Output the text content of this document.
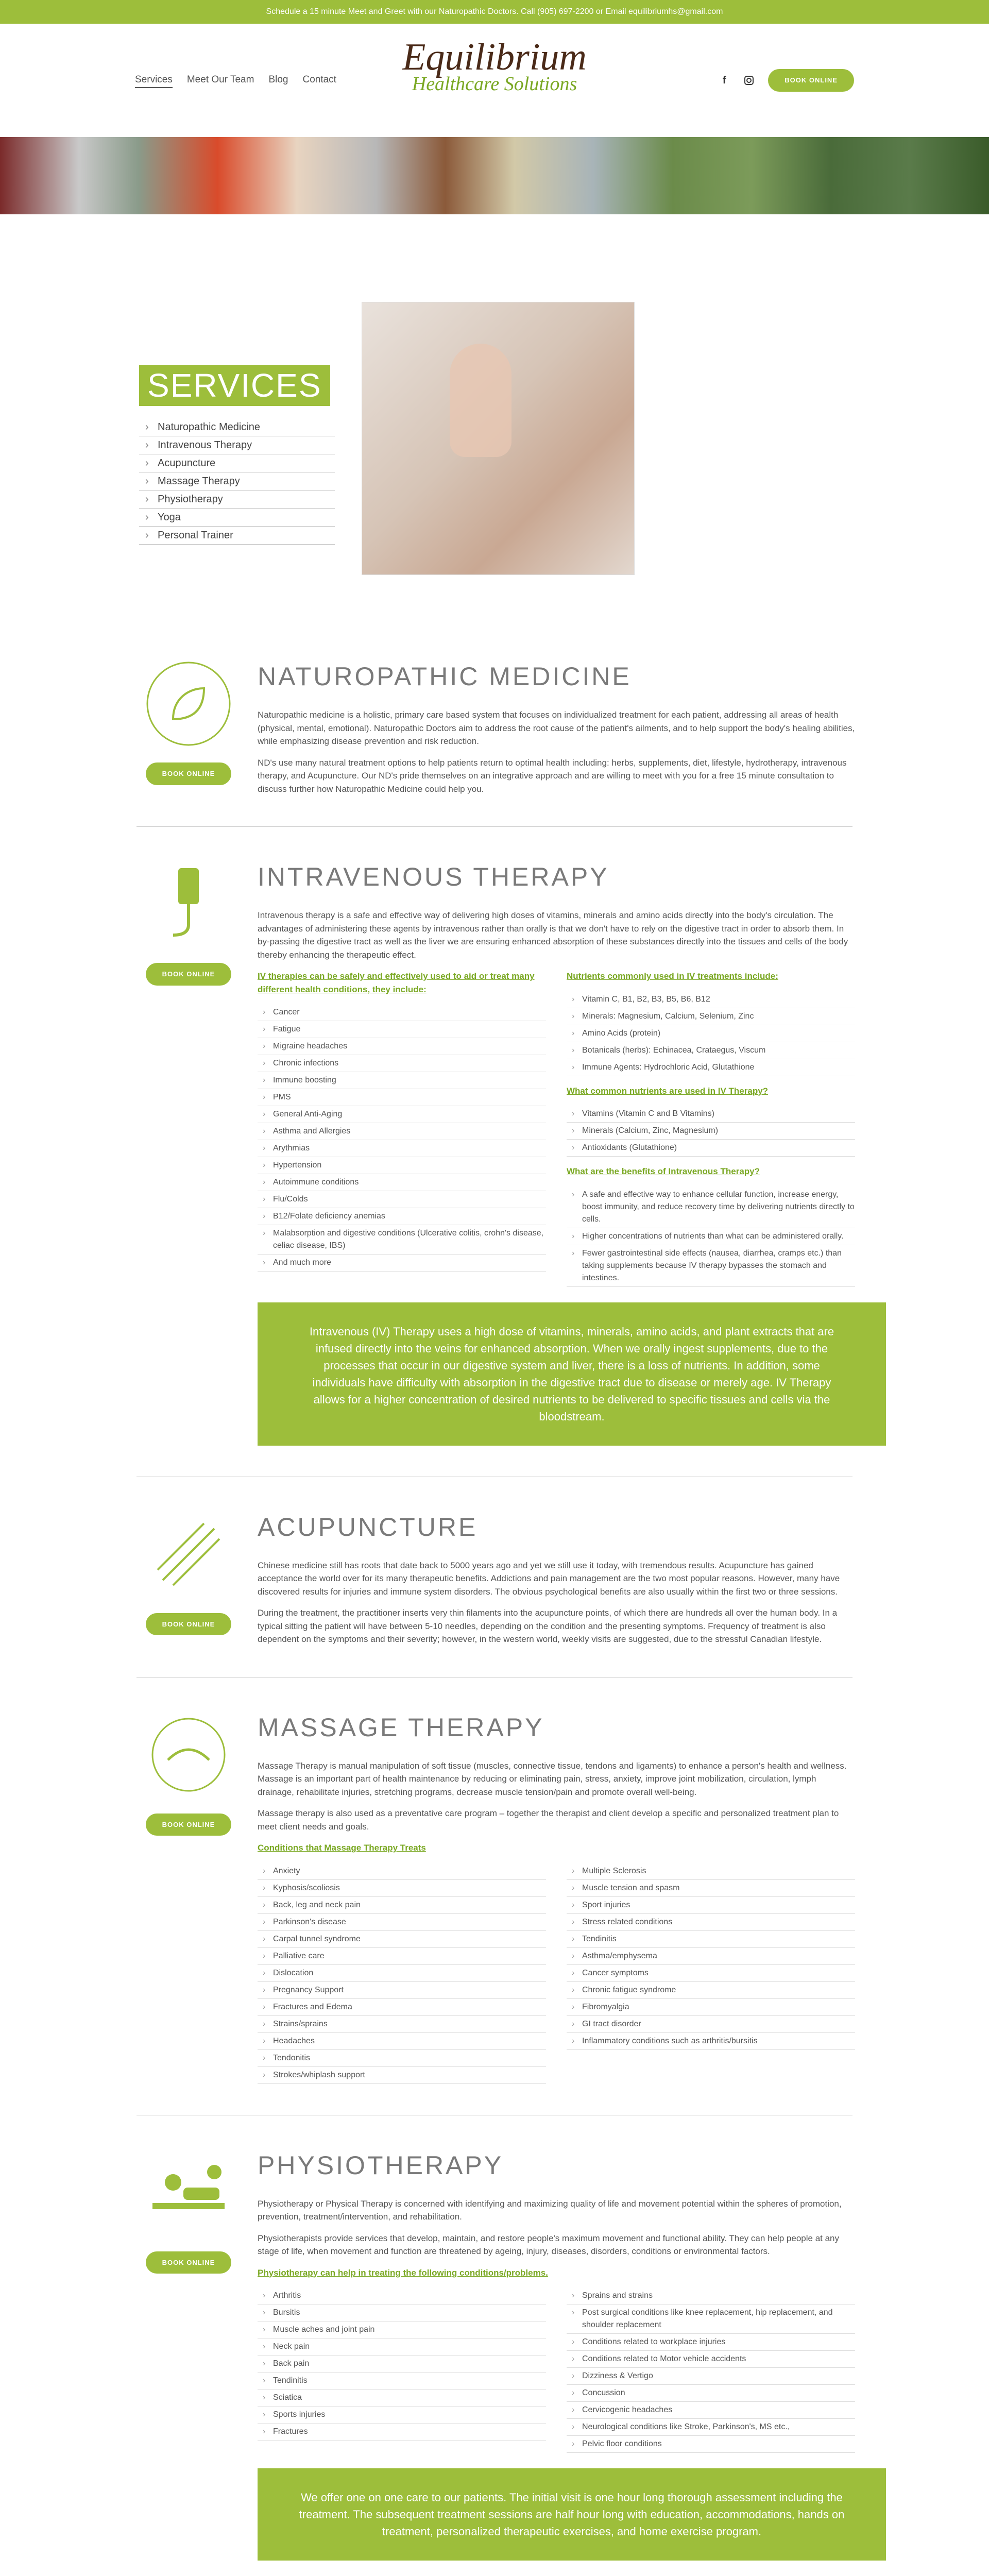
Schedule a 15 minute Meet and Greet with our Naturopathic Doctors. Call (905) 697-2200 or Email equilibriumhs@gmail.com
Services Meet Our Team Blog Contact
Equilibrium
Healthcare Solutions	f	BOOK ONLINE
SERVICES
› Naturopathic Medicine
› Intravenous Therapy
› Acupuncture
› Massage Therapy
› Physiotherapy
› Yoga
› Personal Trainer
BOOK ONLINE
NATUROPATHIC MEDICINE

Naturopathic medicine is a holistic, primary care based system that focuses on individualized treatment for each patient, addressing all areas of health (physical, mental, emotional). Naturopathic Doctors aim to address the root cause of the patient's ailments, and to help support the body's healing abilities, while emphasizing disease prevention and risk reduction.

ND's use many natural treatment options to help patients return to optimal health including: herbs, supplements, diet, lifestyle, hydrotherapy, intravenous therapy, and Acupuncture. Our ND's pride themselves on an integrative approach and are willing to meet with you for a free 15 minute consultation to discuss further how Naturopathic Medicine could help you.

BOOK ONLINE
INTRAVENOUS THERAPY

Intravenous therapy is a safe and effective way of delivering high doses of vitamins, minerals and amino acids directly into the body's circulation. The advantages of administering these agents by intravenous rather than orally is that we don't have to rely on the digestive tract in order to absorb them. In by-passing the digestive tract as well as the liver we are ensuring enhanced absorption of these substances directly into the tissues and cells of the body thereby enhancing the therapeutic effect.

IV therapies can be safely and effectively used to aid or treat many different health conditions, they include:
› Cancer
› Fatigue
› Migraine headaches
› Chronic infections
› Immune boosting
› PMS
› General Anti-Aging
› Asthma and Allergies
› Arythmias
› Hypertension
› Autoimmune conditions
› Flu/Colds
› B12/Folate deficiency anemias
› Malabsorption and digestive conditions (Ulcerative colitis, crohn's disease, celiac disease, IBS)
› And much more
Nutrients commonly used in IV treatments include:
› Vitamin C, B1, B2, B3, B5, B6, B12
› Minerals: Magnesium, Calcium, Selenium, Zinc
› Amino Acids (protein)
› Botanicals (herbs): Echinacea, Crataegus, Viscum
› Immune Agents: Hydrochloric Acid, Glutathione
What common nutrients are used in IV Therapy?
› Vitamins (Vitamin C and B Vitamins)
› Minerals (Calcium, Zinc, Magnesium)
› Antioxidants (Glutathione)
What are the benefits of Intravenous Therapy?
› A safe and effective way to enhance cellular function, increase energy, boost immunity, and reduce recovery time by delivering nutrients directly to cells.
› Higher concentrations of nutrients than what can be administered orally.
› Fewer gastrointestinal side effects (nausea, diarrhea, cramps etc.) than taking supplements because IV therapy bypasses the stomach and intestines.
Intravenous (IV) Therapy uses a high dose of vitamins, minerals, amino acids, and plant extracts that are infused directly into the veins for enhanced absorption. When we orally ingest supplements, due to the processes that occur in our digestive system and liver, there is a loss of nutrients. In addition, some individuals have difficulty with absorption in the digestive tract due to disease or merely age. IV Therapy allows for a higher concentration of desired nutrients to be delivered to specific tissues and cells via the bloodstream.
BOOK ONLINE
ACUPUNCTURE

Chinese medicine still has roots that date back to 5000 years ago and yet we still use it today, with tremendous results. Acupuncture has gained acceptance the world over for its many therapeutic benefits. Addictions and pain management are the two most popular reasons. However, many have discovered results for injuries and immune system disorders. The obvious psychological benefits are also usually within the first two or three sessions.

During the treatment, the practitioner inserts very thin filaments into the acupuncture points, of which there are hundreds all over the human body. In a typical sitting the patient will have between 5-10 needles, depending on the condition and the presenting symptoms. Frequency of treatment is also dependent on the symptoms and their severity; however, in the western world, weekly visits are suggested, due to the stressful Canadian lifestyle.

BOOK ONLINE
MASSAGE THERAPY

Massage Therapy is manual manipulation of soft tissue (muscles, connective tissue, tendons and ligaments) to enhance a person's health and wellness. Massage is an important part of health maintenance by reducing or eliminating pain, stress, anxiety, improve joint mobilization, circulation, lymph drainage, rehabilitate injuries, stretching programs, decrease muscle tension/pain and promote overall well-being.

Massage therapy is also used as a preventative care program – together the therapist and client develop a specific and personalized treatment plan to meet client needs and goals.

Conditions that Massage Therapy Treats
› Anxiety
› Kyphosis/scoliosis
› Back, leg and neck pain
› Parkinson's disease
› Carpal tunnel syndrome
› Palliative care
› Dislocation
› Pregnancy Support
› Fractures and Edema
› Strains/sprains
› Headaches
› Tendonitis
› Strokes/whiplash support
› Multiple Sclerosis
› Muscle tension and spasm
› Sport injuries
› Stress related conditions
› Tendinitis
› Asthma/emphysema
› Cancer symptoms
› Chronic fatigue syndrome
› Fibromyalgia
› GI tract disorder
› Inflammatory conditions such as arthritis/bursitis
BOOK ONLINE
PHYSIOTHERAPY

Physiotherapy or Physical Therapy is concerned with identifying and maximizing quality of life and movement potential within the spheres of promotion, prevention, treatment/intervention, and rehabilitation.

Physiotherapists provide services that develop, maintain, and restore people's maximum movement and functional ability. They can help people at any stage of life, when movement and function are threatened by ageing, injury, diseases, disorders, conditions or environmental factors.

Physiotherapy can help in treating the following conditions/problems.
› Arthritis
› Bursitis
› Muscle aches and joint pain
› Neck pain
› Back pain
› Tendinitis
› Sciatica
› Sports injuries
› Fractures
› Sprains and strains
› Post surgical conditions like knee replacement, hip replacement, and shoulder replacement
› Conditions related to workplace injuries
› Conditions related to Motor vehicle accidents
› Dizziness & Vertigo
› Concussion
› Cervicogenic headaches
› Neurological conditions like Stroke, Parkinson's, MS etc.,
› Pelvic floor conditions
We offer one on one care to our patients. The initial visit is one hour long thorough assessment including the treatment. The subsequent treatment sessions are half hour long with education, accommodations, hands on treatment, personalized therapeutic exercises, and home exercise program.
